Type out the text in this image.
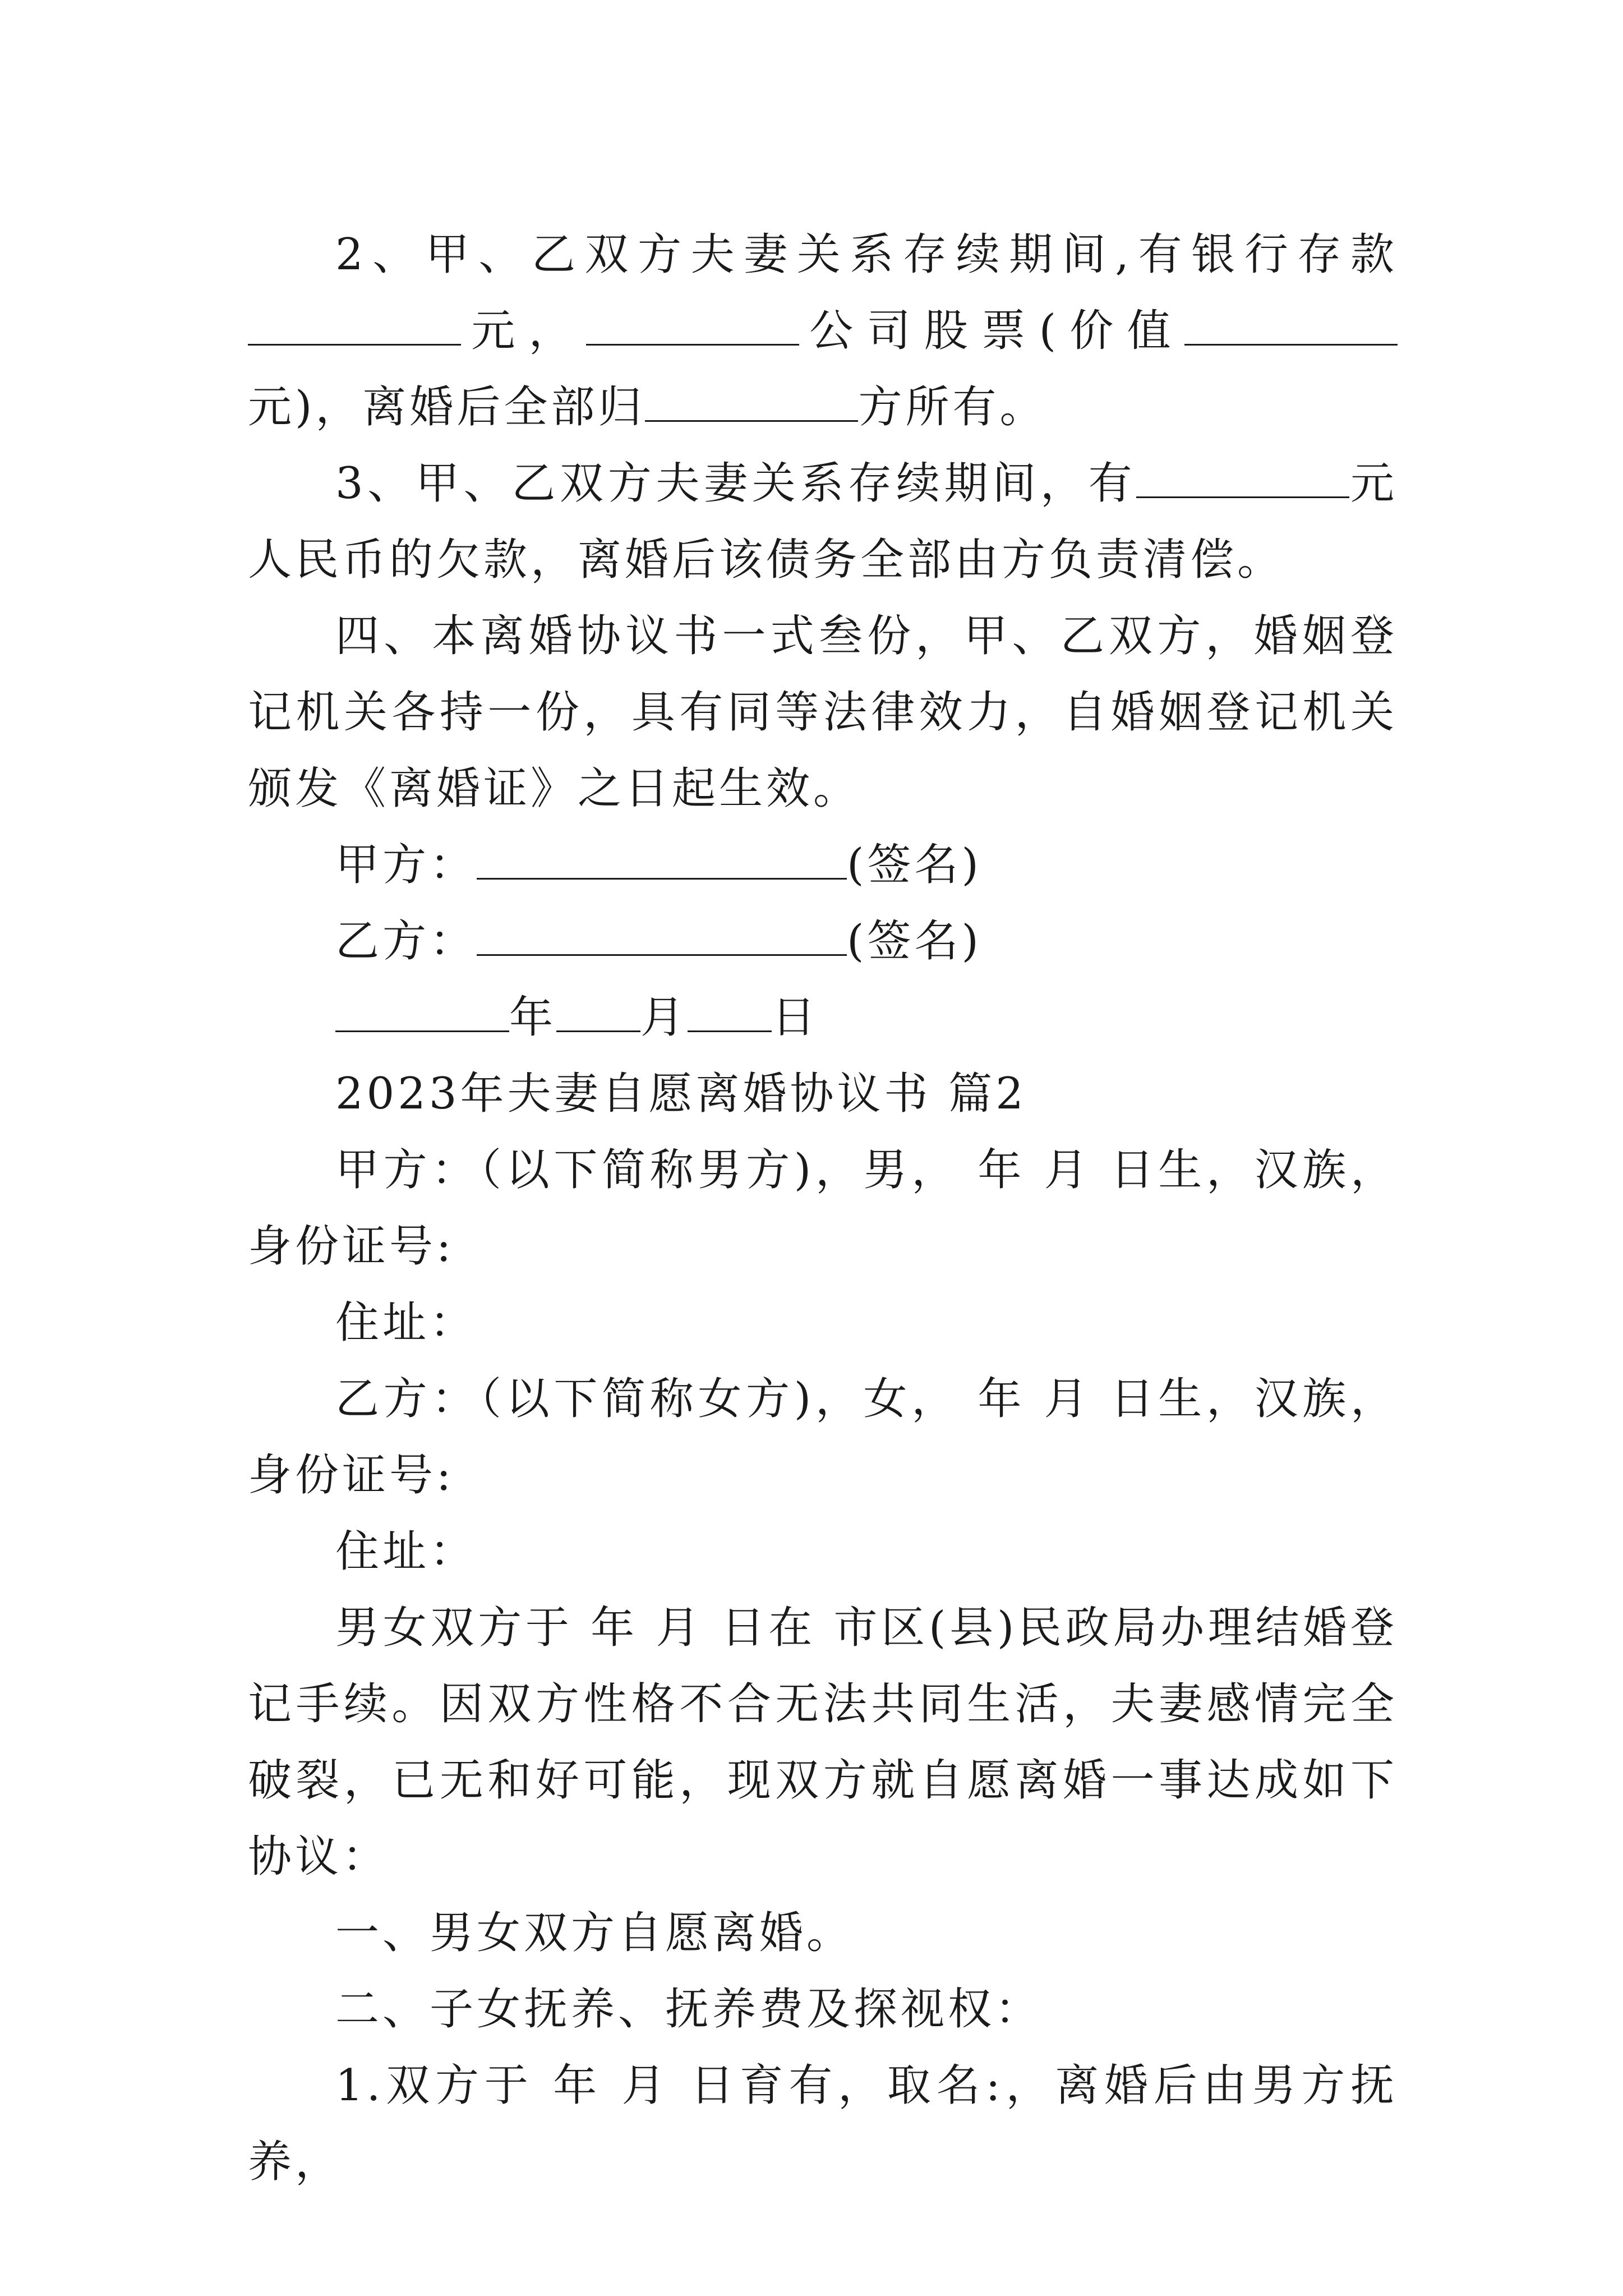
2、甲、乙双方夫妻关系存续期间,有银行存款元，	公司股票(价值元)，离婚后全部归	方所有。

3、甲、乙双方夫妻关系存续期间，有	元人民币的欠款，离婚后该债务全部由方负责清偿。

四、本离婚协议书一式叁份，甲、乙双方，婚姻登记机关各持一份，具有同等法律效力，自婚姻登记机关颁发《离婚证》之日起生效。

甲方：	(签名)

乙方：	(签名)

年 月 日

2023年夫妻自愿离婚协议书 篇2

甲方：（以下简称男方)，男， 年 月 日生，汉族，身份证号:

住址：

乙方：（以下简称女方)，女， 年 月 日生，汉族，身份证号:

住址：

男女双方于 年 月 日在 市区(县)民政局办理结婚登记手续。因双方性格不合无法共同生活，夫妻感情完全破裂，已无和好可能，现双方就自愿离婚一事达成如下协议：

一、男女双方自愿离婚。

二、子女抚养、抚养费及探视权：

1.双方于 年 月 日育有，取名:，离婚后由男方抚养，
